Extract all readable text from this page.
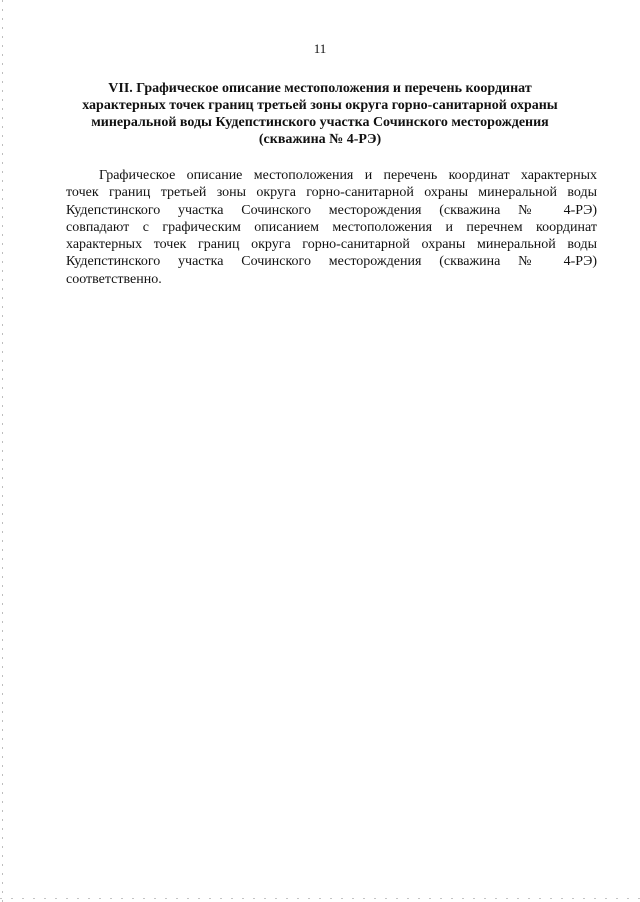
11
VII. Графическое описание местоположения и перечень координат
характерных точек границ третьей зоны округа горно-санитарной охраны
минеральной воды Кудепстинского участка Сочинского месторождения
(скважина № 4-РЭ)
Графическое описание местоположения и перечень координат характерных
точек границ третьей зоны округа горно-санитарной охраны минеральной воды
Кудепстинского участка Сочинского месторождения (скважина № 4-РЭ)
совпадают с графическим описанием местоположения и перечнем координат
характерных точек границ округа горно-санитарной охраны минеральной воды
Кудепстинского участка Сочинского месторождения (скважина № 4-РЭ)
соответственно.
